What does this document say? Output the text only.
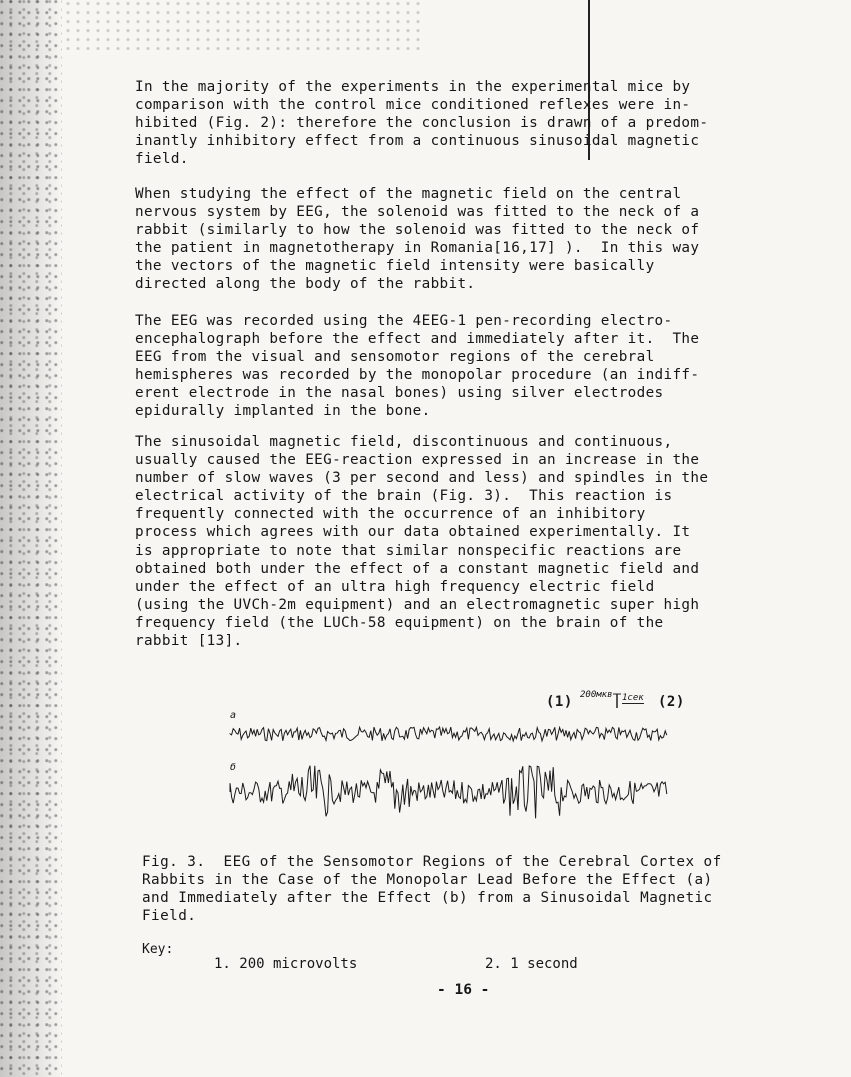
In the majority of the experiments in the experimental mice by
comparison with the control mice conditioned reflexes were in-
hibited (Fig. 2): therefore the conclusion is drawn of a predom-
inantly inhibitory effect from a continuous sinusoidal magnetic
field.

When studying the effect of the magnetic field on the central
nervous system by EEG, the solenoid was fitted to the neck of a
rabbit (similarly to how the solenoid was fitted to the neck of
the patient in magnetotherapy in Romania[16,17] ).  In this way
the vectors of the magnetic field intensity were basically
directed along the body of the rabbit.

The EEG was recorded using the 4EEG-1 pen-recording electro-
encephalograph before the effect and immediately after it.  The
EEG from the visual and sensomotor regions of the cerebral
hemispheres was recorded by the monopolar procedure (an indiff-
erent electrode in the nasal bones) using silver electrodes
epidurally implanted in the bone.

The sinusoidal magnetic field, discontinuous and continuous,
usually caused the EEG-reaction expressed in an increase in the
number of slow waves (3 per second and less) and spindles in the
electrical activity of the brain (Fig. 3).  This reaction is
frequently connected with the occurrence of an inhibitory
process which agrees with our data obtained experimentally. It
is appropriate to note that similar nonspecific reactions are
obtained both under the effect of a constant magnetic field and
under the effect of an ultra high frequency electric field
(using the UVCh-2m equipment) and an electromagnetic super high
frequency field (the LUCh-58 equipment) on the brain of the
rabbit [13].

(1) 200мкв 1сек (2)
a
б

Fig. 3.  EEG of the Sensomotor Regions of the Cerebral Cortex of
Rabbits in the Case of the Monopolar Lead Before the Effect (a)
and Immediately after the Effect (b) from a Sinusoidal Magnetic
Field.

Key:
1. 200 microvolts	2. 1 second
- 16 -
